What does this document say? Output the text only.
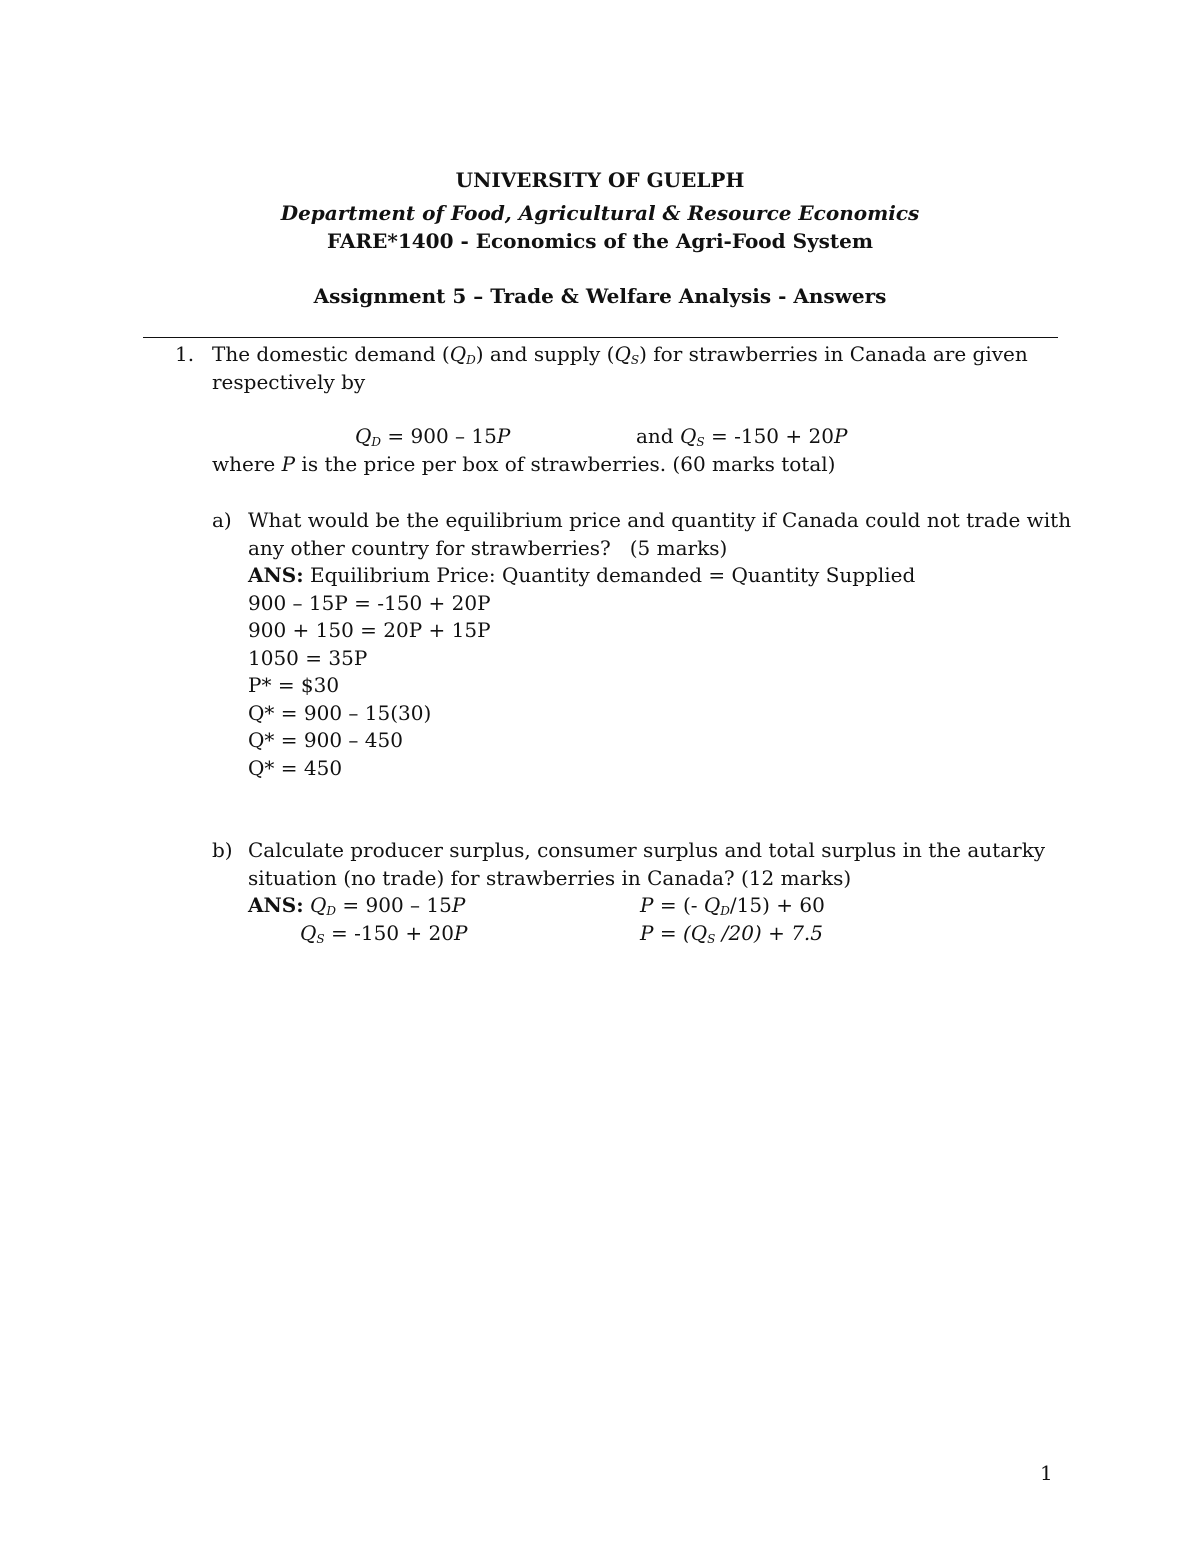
UNIVERSITY OF GUELPH
Department of Food, Agricultural & Resource Economics
FARE*1400 - Economics of the Agri-Food System
Assignment 5 – Trade & Welfare Analysis - Answers
1. The domestic demand $(Q_D)$ and supply $(Q_S)$ for strawberries in Canada are given
respectively by
$Q_D = 900 - 15P$	and $Q_S = -150 + 20P$
where P is the price per box of strawberries. (60 marks total)
a) What would be the equilibrium price and quantity if Canada could not trade with
any other country for strawberries?   (5 marks)
ANS: Equilibrium Price: Quantity demanded = Quantity Supplied
900 – 15P = -150 + 20P
900 + 150 = 20P + 15P
1050 = 35P
P* = $30
Q* = 900 – 15(30)
Q* = 900 – 450
Q* = 450
b) Calculate producer surplus, consumer surplus and total surplus in the autarky
situation (no trade) for strawberries in Canada? (12 marks)
ANS: $Q_D = 900 - 15P$	P = (- $Q_D/15) + 60$
$Q_S = -150 + 20P$	$P = (Q_S$ /20) + 7.5
1
